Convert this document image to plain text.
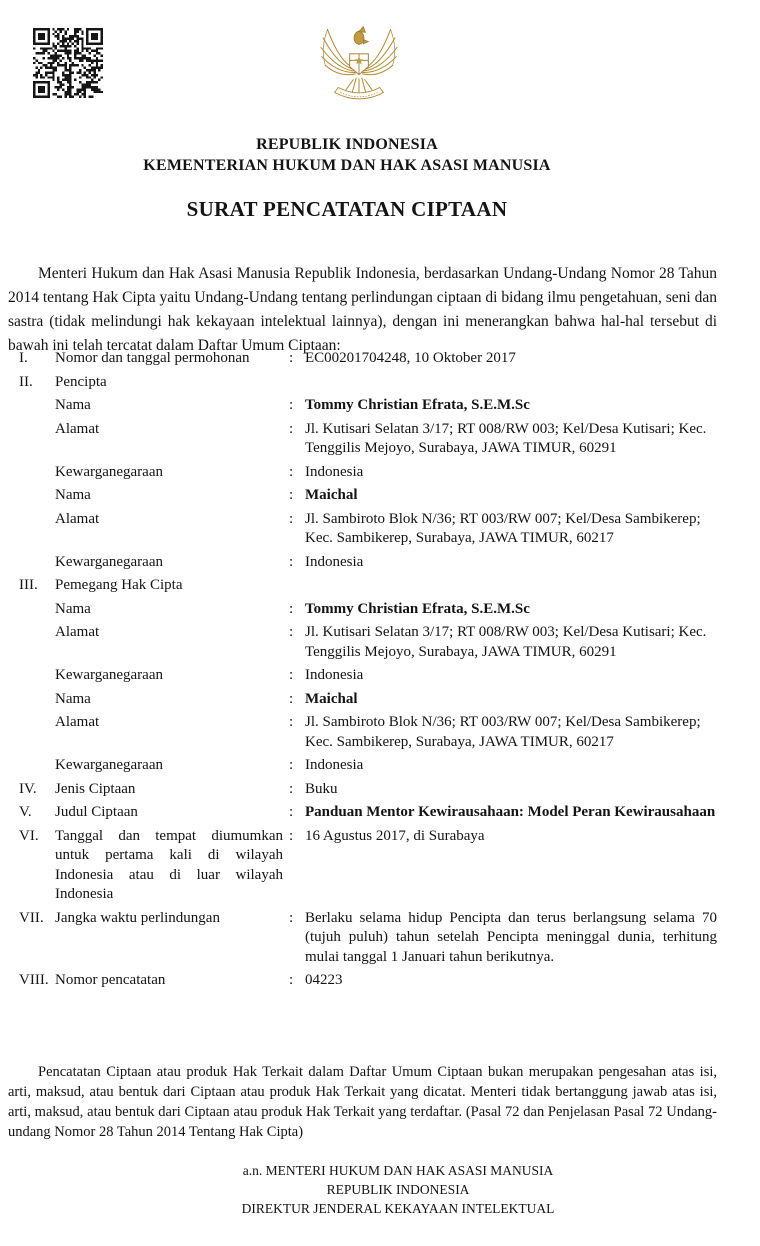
REPUBLIK INDONESIA
KEMENTERIAN HUKUM DAN HAK ASASI MANUSIA
SURAT PENCATATAN CIPTAAN

Menteri Hukum dan Hak Asasi Manusia Republik Indonesia, berdasarkan Undang-Undang Nomor 28 Tahun 2014 tentang Hak Cipta yaitu Undang-Undang tentang perlindungan ciptaan di bidang ilmu pengetahuan, seni dan sastra (tidak melindungi hak kekayaan intelektual lainnya), dengan ini menerangkan bahwa hal-hal tersebut di bawah ini telah tercatat dalam Daftar Umum Ciptaan:

I.	Nomor dan tanggal permohonan	: EC00201704248, 10 Oktober 2017
II.	Pencipta
Nama	: Tommy Christian Efrata, S.E.M.Sc
Alamat	: Jl. Kutisari Selatan 3/17; RT 008/RW 003; Kel/Desa Kutisari; Kec. Tenggilis Mejoyo, Surabaya, JAWA TIMUR, 60291
Kewarganegaraan	: Indonesia
Nama	: Maichal
Alamat	: Jl. Sambiroto Blok N/36; RT 003/RW 007; Kel/Desa Sambikerep; Kec. Sambikerep, Surabaya, JAWA TIMUR, 60217
Kewarganegaraan	: Indonesia
III.	Pemegang Hak Cipta
Nama	: Tommy Christian Efrata, S.E.M.Sc
Alamat	: Jl. Kutisari Selatan 3/17; RT 008/RW 003; Kel/Desa Kutisari; Kec. Tenggilis Mejoyo, Surabaya, JAWA TIMUR, 60291
Kewarganegaraan	: Indonesia
Nama	: Maichal
Alamat	: Jl. Sambiroto Blok N/36; RT 003/RW 007; Kel/Desa Sambikerep; Kec. Sambikerep, Surabaya, JAWA TIMUR, 60217
Kewarganegaraan	: Indonesia
IV.	Jenis Ciptaan	: Buku
V.	Judul Ciptaan	: Panduan Mentor Kewirausahaan: Model Peran Kewirausahaan
VI.	Tanggal dan tempat diumumkan untuk pertama kali di wilayah Indonesia atau di luar wilayah Indonesia
: 16 Agustus 2017, di Surabaya
VII. Jangka waktu perlindungan	: Berlaku selama hidup Pencipta dan terus berlangsung selama 70 (tujuh puluh) tahun setelah Pencipta meninggal dunia, terhitung mulai tanggal 1 Januari tahun berikutnya.
VIII. Nomor pencatatan	: 04223

Pencatatan Ciptaan atau produk Hak Terkait dalam Daftar Umum Ciptaan bukan merupakan pengesahan atas isi, arti, maksud, atau bentuk dari Ciptaan atau produk Hak Terkait yang dicatat. Menteri tidak bertanggung jawab atas isi, arti, maksud, atau bentuk dari Ciptaan atau produk Hak Terkait yang terdaftar. (Pasal 72 dan Penjelasan Pasal 72 Undang-undang Nomor 28 Tahun 2014 Tentang Hak Cipta)

a.n. MENTERI HUKUM DAN HAK ASASI MANUSIA
REPUBLIK INDONESIA
DIREKTUR JENDERAL KEKAYAAN INTELEKTUAL
